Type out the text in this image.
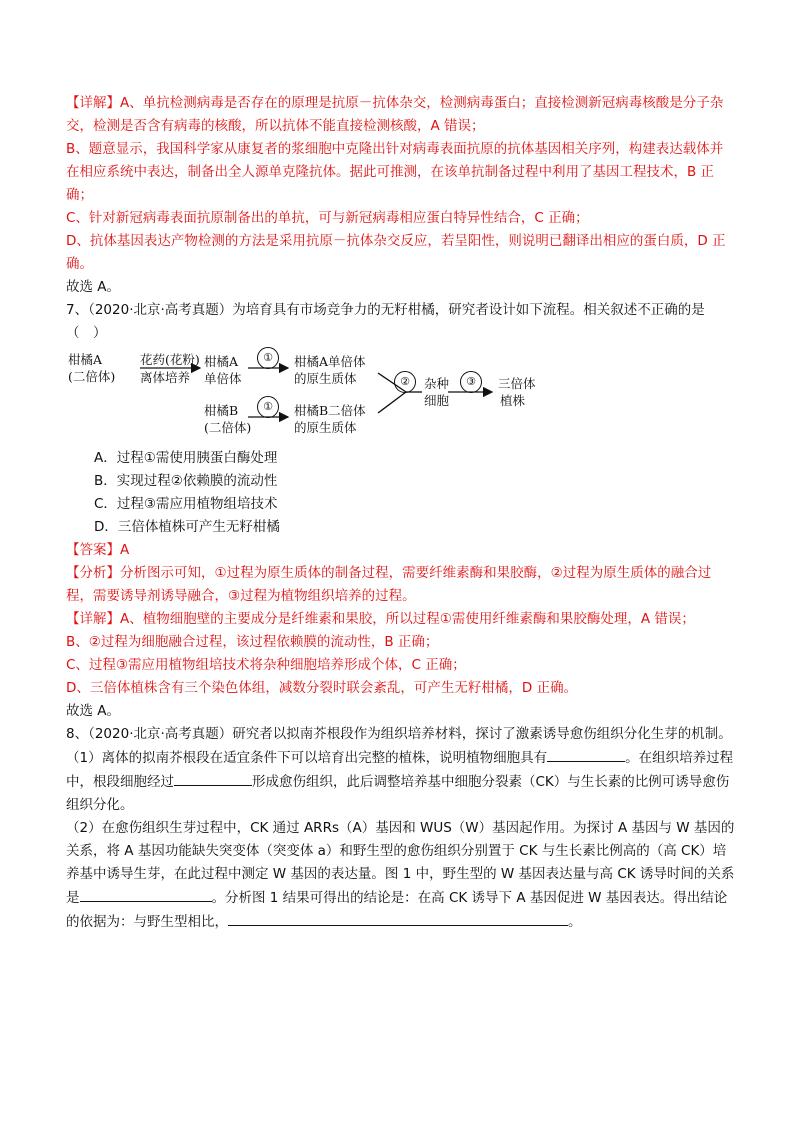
【详解】A、单抗检测病毒是否存在的原理是抗原－抗体杂交，检测病毒蛋白；直接检测新冠病毒核酸是分子杂交，检测是否含有病毒的核酸，所以抗体不能直接检测核酸，A 错误；

B、题意显示，我国科学家从康复者的浆细胞中克隆出针对病毒表面抗原的抗体基因相关序列，构建表达载体并在相应系统中表达，制备出全人源单克隆抗体。据此可推测，在该单抗制备过程中利用了基因工程技术，B 正确；

C、针对新冠病毒表面抗原制备出的单抗，可与新冠病毒相应蛋白特异性结合，C 正确；

D、抗体基因表达产物检测的方法是采用抗原－抗体杂交反应，若呈阳性，则说明已翻译出相应的蛋白质，D 正确。

故选 A。

7、（2020·北京·高考真题）为培育具有市场竞争力的无籽柑橘，研究者设计如下流程。相关叙述不正确的是（　）

柑橘A
(二倍体)
花药(花粉)
离体培养
柑橘A
单倍体
①	柑橘A单倍体
的原生质体
柑橘B
(二倍体)
①	柑橘B二倍体
的原生质体
②	杂种
细胞
③	三倍体
植株

A．过程①需使用胰蛋白酶处理

B．实现过程②依赖膜的流动性

C．过程③需应用植物组培技术

D．三倍体植株可产生无籽柑橘

【答案】A

【分析】分析图示可知，①过程为原生质体的制备过程，需要纤维素酶和果胶酶，②过程为原生质体的融合过程，需要诱导剂诱导融合，③过程为植物组织培养的过程。

【详解】A、植物细胞壁的主要成分是纤维素和果胶，所以过程①需使用纤维素酶和果胶酶处理，A 错误；

B、②过程为细胞融合过程，该过程依赖膜的流动性，B 正确；

C、过程③需应用植物组培技术将杂种细胞培养形成个体，C 正确；

D、三倍体植株含有三个染色体组，减数分裂时联会紊乱，可产生无籽柑橘，D 正确。

故选 A。

8、（2020·北京·高考真题）研究者以拟南芥根段作为组织培养材料，探讨了激素诱导愈伤组织分化生芽的机制。

（1）离体的拟南芥根段在适宜条件下可以培育出完整的植株，说明植物细胞具有	。在组织培养过程中，根段细胞经过	形成愈伤组织，此后调整培养基中细胞分裂素（CK）与生长素的比例可诱导愈伤组织分化。

（2）在愈伤组织生芽过程中，CK 通过 ARRs（A）基因和 WUS（W）基因起作用。为探讨 A 基因与 W 基因的关系，将 A 基因功能缺失突变体（突变体 a）和野生型的愈伤组织分别置于 CK 与生长素比例高的（高 CK）培养基中诱导生芽，在此过程中测定 W 基因的表达量。图 1 中，野生型的 W 基因表达量与高 CK 诱导时间的关系是	。分析图 1 结果可得出的结论是：在高 CK 诱导下 A 基因促进 W 基因表达。得出结论的依据为：与野生型相比，	。
